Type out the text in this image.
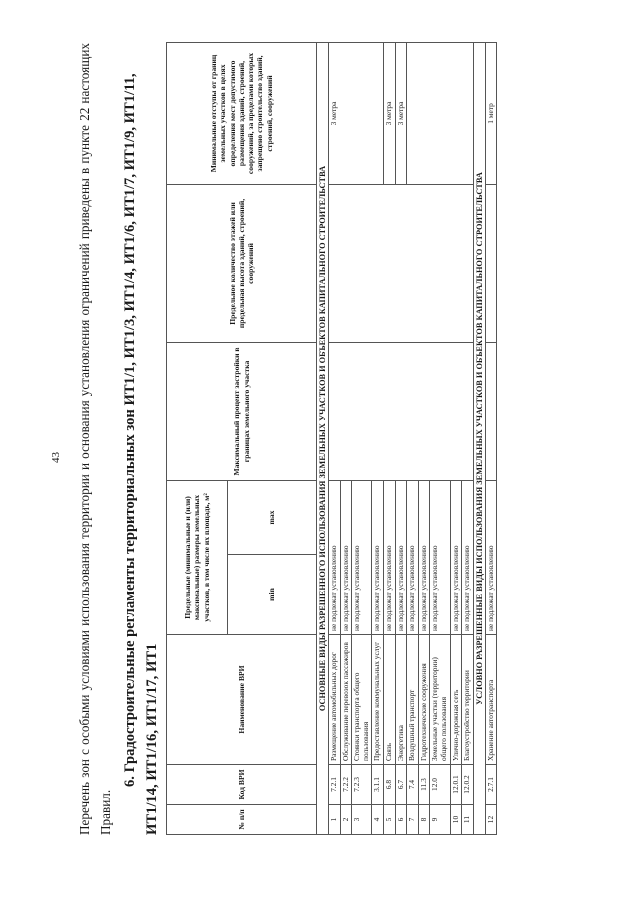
43 Перечень зон с особыми условиями использования территории и основания установления ограничений приведены в пункте 22 настоящих Правил.

6. Градостроительные регламенты территориальных зон ИТ1/1, ИТ1/3, ИТ1/4, ИТ1/6, ИТ1/7, ИТ1/9, ИТ1/11, ИТ1/14, ИТ1/16, ИТ1/17, ИТ1	№ п/п	Код ВРИ	Наименование ВРИ	Предельные (минимальные и (или) максимальные) размеры земельных участков, в том числе их площадь, м²		Максимальный процент застройки в границах земельного участка	Предельное количество этажей или предельная высота зданий, строений, сооружений	Минимальные отступы от границ земельных участков в целях определения мест допустимого размещения зданий, строений, сооружений, за пределами которых запрещено строительство зданий, строений, сооружений
			min	max			
ОСНОВНЫЕ ВИДЫ РАЗРЕШЕННОГО ИСПОЛЬЗОВАНИЯ ЗЕМЕЛЬНЫХ УЧАСТКОВ И ОБЪЕКТОВ КАПИТАЛЬНОГО СТРОИТЕЛЬСТВА							
1	7.2.1	Размещение автомобильных дорог	не подлежат установлению				3 метра
2	7.2.2	Обслуживание перевозок пассажиров	не подлежат установлению				
3	7.2.3	Стоянки транспорта общего пользования	не подлежат установлению				
4	3.1.1	Предоставление коммунальных услуг	не подлежат установлению				
5	6.8	Связь	не подлежат установлению				3 метра
6	6.7	Энергетика	не подлежат установлению				3 метра
7	7.4	Воздушный транспорт	не подлежат установлению				
8	11.3	Гидротехнические сооружения	не подлежат установлению				
9	12.0	Земельные участки (территории) общего пользования	не подлежат установлению				
10	12.0.1	Улично-дорожная сеть	не подлежат установлению				
11	12.0.2	Благоустройство территории	не подлежат установлению				
УСЛОВНО РАЗРЕШЕННЫЕ ВИДЫ ИСПОЛЬЗОВАНИЯ ЗЕМЕЛЬНЫХ УЧАСТКОВ И ОБЪЕКТОВ КАПИТАЛЬНОГО СТРОИТЕЛЬСТВА							
12	2.7.1	Хранение автотранспорта	не подлежат установлению				1 метр
